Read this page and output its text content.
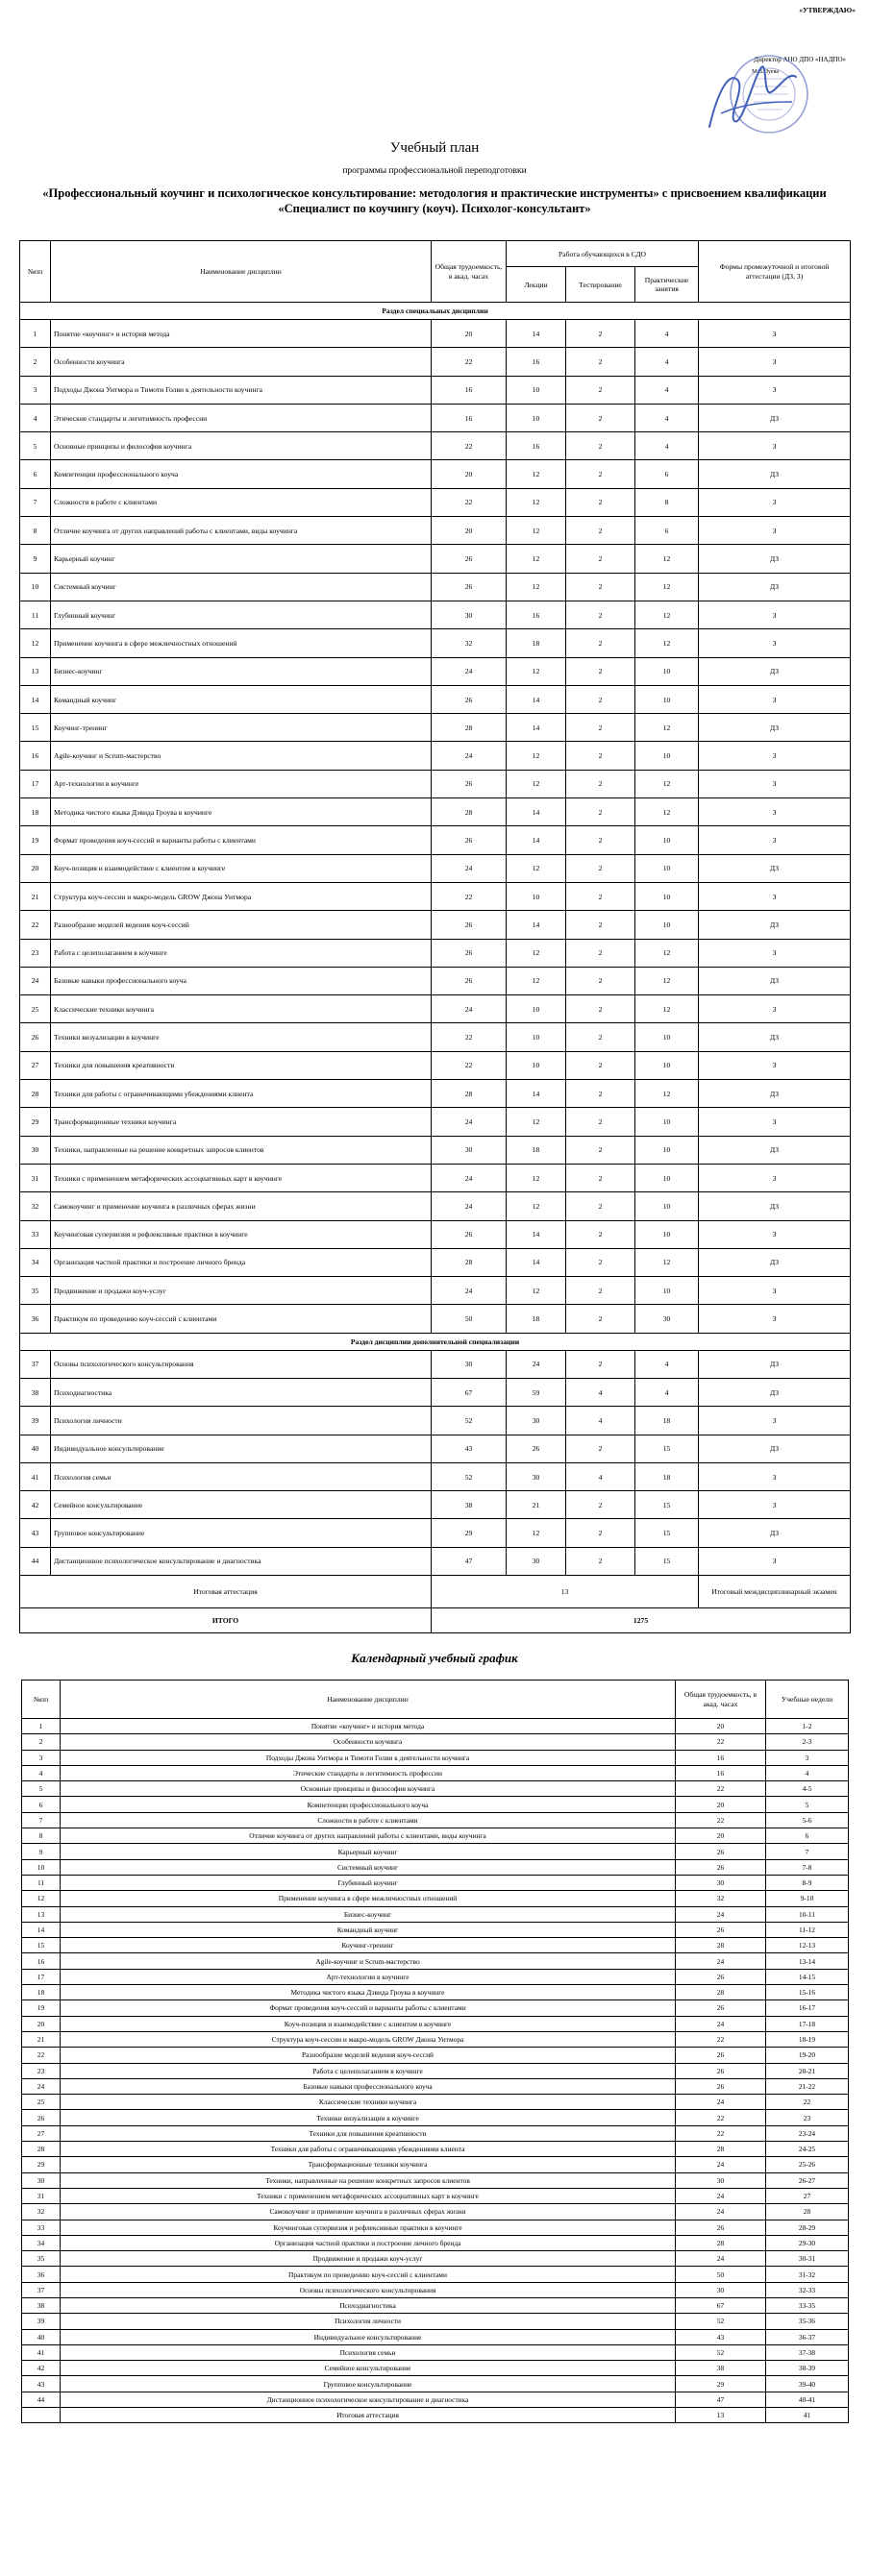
«УТВЕРЖДАЮ»
Директор АНО ДПО «НАДПО»
М.В. Зуева
Учебный план
программы профессиональной переподготовки
«Профессиональный коучинг и психологическое консультирование: методология и практические инструменты» с присвоением квалификации «Специалист по коучингу (коуч). Психолог-консультант»
№пп	Наименование дисциплин	Общая трудоемкость, в акад. часах	Работа обучающихся в СДО			Формы промежуточной и итоговой аттестации (ДЗ, З)
			Лекции	Тестирование	Практические занятия	
Раздел специальных дисциплин						
1	Понятие «коучинг» и история метода	20	14	2	4	З
2	Особенности коучинга	22	16	2	4	З
3	Подходы Джона Уитмора и Тимоти Голви к деятельности коучинга	16	10	2	4	З
4	Этические стандарты и легитимность профессии	16	10	2	4	ДЗ
5	Основные принципы и философия коучинга	22	16	2	4	З
6	Компетенции профессионального коуча	20	12	2	6	ДЗ
7	Сложности в работе с клиентами	22	12	2	8	З
8	Отличие коучинга от других направлений работы с клиентами, виды коучинга	20	12	2	6	З
9	Карьерный коучинг	26	12	2	12	ДЗ
10	Системный коучинг	26	12	2	12	ДЗ
11	Глубинный коучинг	30	16	2	12	З
12	Применение коучинга в сфере межличностных отношений	32	18	2	12	З
13	Бизнес-коучинг	24	12	2	10	ДЗ
14	Командный коучинг	26	14	2	10	З
15	Коучинг-тренинг	28	14	2	12	ДЗ
16	Agile-коучинг и Scrum-мастерство	24	12	2	10	З
17	Арт-технологии в коучинге	26	12	2	12	З
18	Методика чистого языка Дэвида Гроува в коучинге	28	14	2	12	З
19	Формат проведения коуч-сессий и варианты работы с клиентами	26	14	2	10	З
20	Коуч-позиция и взаимодействие с клиентом в коучинге	24	12	2	10	ДЗ
21	Структура коуч-сессии и макро-модель GROW Джона Уитмора	22	10	2	10	З
22	Разнообразие моделей ведения коуч-сессий	26	14	2	10	ДЗ
23	Работа с целеполаганием в коучинге	26	12	2	12	З
24	Базовые навыки профессионального коуча	26	12	2	12	ДЗ
25	Классические техники коучинга	24	10	2	12	З
26	Техники визуализации в коучинге	22	10	2	10	ДЗ
27	Техники для повышения креативности	22	10	2	10	З
28	Техники для работы с ограничивающими убеждениями клиента	28	14	2	12	ДЗ
29	Трансформационные техники коучинга	24	12	2	10	З
30	Техники, направленные на решение конкретных запросов клиентов	30	18	2	10	ДЗ
31	Техники с применением метафорических ассоциативных карт в коучинге	24	12	2	10	З
32	Самокоучинг и применение коучинга в различных сферах жизни	24	12	2	10	ДЗ
33	Коучинговая супервизия и рефлексивные практики в коучинге	26	14	2	10	З
34	Организация частной практики и построение личного бренда	28	14	2	12	ДЗ
35	Продвижение и продажи коуч-услуг	24	12	2	10	З
36	Практикум по проведению коуч-сессий с клиентами	50	18	2	30	З
Раздел дисциплин дополнительной специализации						
37	Основы психологического консультирования	30	24	2	4	ДЗ
38	Психодиагностика	67	59	4	4	ДЗ
39	Психология личности	52	30	4	18	З
40	Индивидуальное консультирование	43	26	2	15	ДЗ
41	Психология семьи	52	30	4	18	З
42	Семейное консультирование	38	21	2	15	З
43	Групповое консультирование	29	12	2	15	ДЗ
44	Дистанционное психологическое консультирование и диагностика	47	30	2	15	З
Итоговая аттестация		13				Итоговый междисциплинарный экзамен
ИТОГО		1275				
Календарный учебный график
№пп	Наименование дисциплин	Общая трудоемкость, в акад. часах	Учебные недели
1	Понятие «коучинг» и история метода	20	1-2
2	Особенности коучинга	22	2-3
3	Подходы Джона Уитмора и Тимоти Голви к деятельности коучинга	16	3
4	Этические стандарты и легитимность профессии	16	4
5	Основные принципы и философия коучинга	22	4-5
6	Компетенции профессионального коуча	20	5
7	Сложности в работе с клиентами	22	5-6
8	Отличие коучинга от других направлений работы с клиентами, виды коучинга	20	6
9	Карьерный коучинг	26	7
10	Системный коучинг	26	7-8
11	Глубинный коучинг	30	8-9
12	Применение коучинга в сфере межличностных отношений	32	9-10
13	Бизнес-коучинг	24	10-11
14	Командный коучинг	26	11-12
15	Коучинг-тренинг	28	12-13
16	Agile-коучинг и Scrum-мастерство	24	13-14
17	Арт-технологии в коучинге	26	14-15
18	Методика чистого языка Дэвида Гроува в коучинге	28	15-16
19	Формат проведения коуч-сессий и варианты работы с клиентами	26	16-17
20	Коуч-позиция и взаимодействие с клиентом в коучинге	24	17-18
21	Структура коуч-сессии и макро-модель GROW Джона Уитмора	22	18-19
22	Разнообразие моделей ведения коуч-сессий	26	19-20
23	Работа с целеполаганием в коучинге	26	20-21
24	Базовые навыки профессионального коуча	26	21-22
25	Классические техники коучинга	24	22
26	Техники визуализации в коучинге	22	23
27	Техники для повышения креативности	22	23-24
28	Техники для работы с ограничивающими убеждениями клиента	28	24-25
29	Трансформационные техники коучинга	24	25-26
30	Техники, направленные на решение конкретных запросов клиентов	30	26-27
31	Техники с применением метафорических ассоциативных карт в коучинге	24	27
32	Самокоучинг и применение коучинга в различных сферах жизни	24	28
33	Коучинговая супервизия и рефлексивные практики в коучинге	26	28-29
34	Организация частной практики и построение личного бренда	28	29-30
35	Продвижение и продажи коуч-услуг	24	30-31
36	Практикум по проведению коуч-сессий с клиентами	50	31-32
37	Основы психологического консультирования	30	32-33
38	Психодиагностика	67	33-35
39	Психология личности	52	35-36
40	Индивидуальное консультирование	43	36-37
41	Психология семьи	52	37-38
42	Семейное консультирование	38	38-39
43	Групповое консультирование	29	39-40
44	Дистанционное психологическое консультирование и диагностика	47	40-41
	Итоговая аттестация	13	41
